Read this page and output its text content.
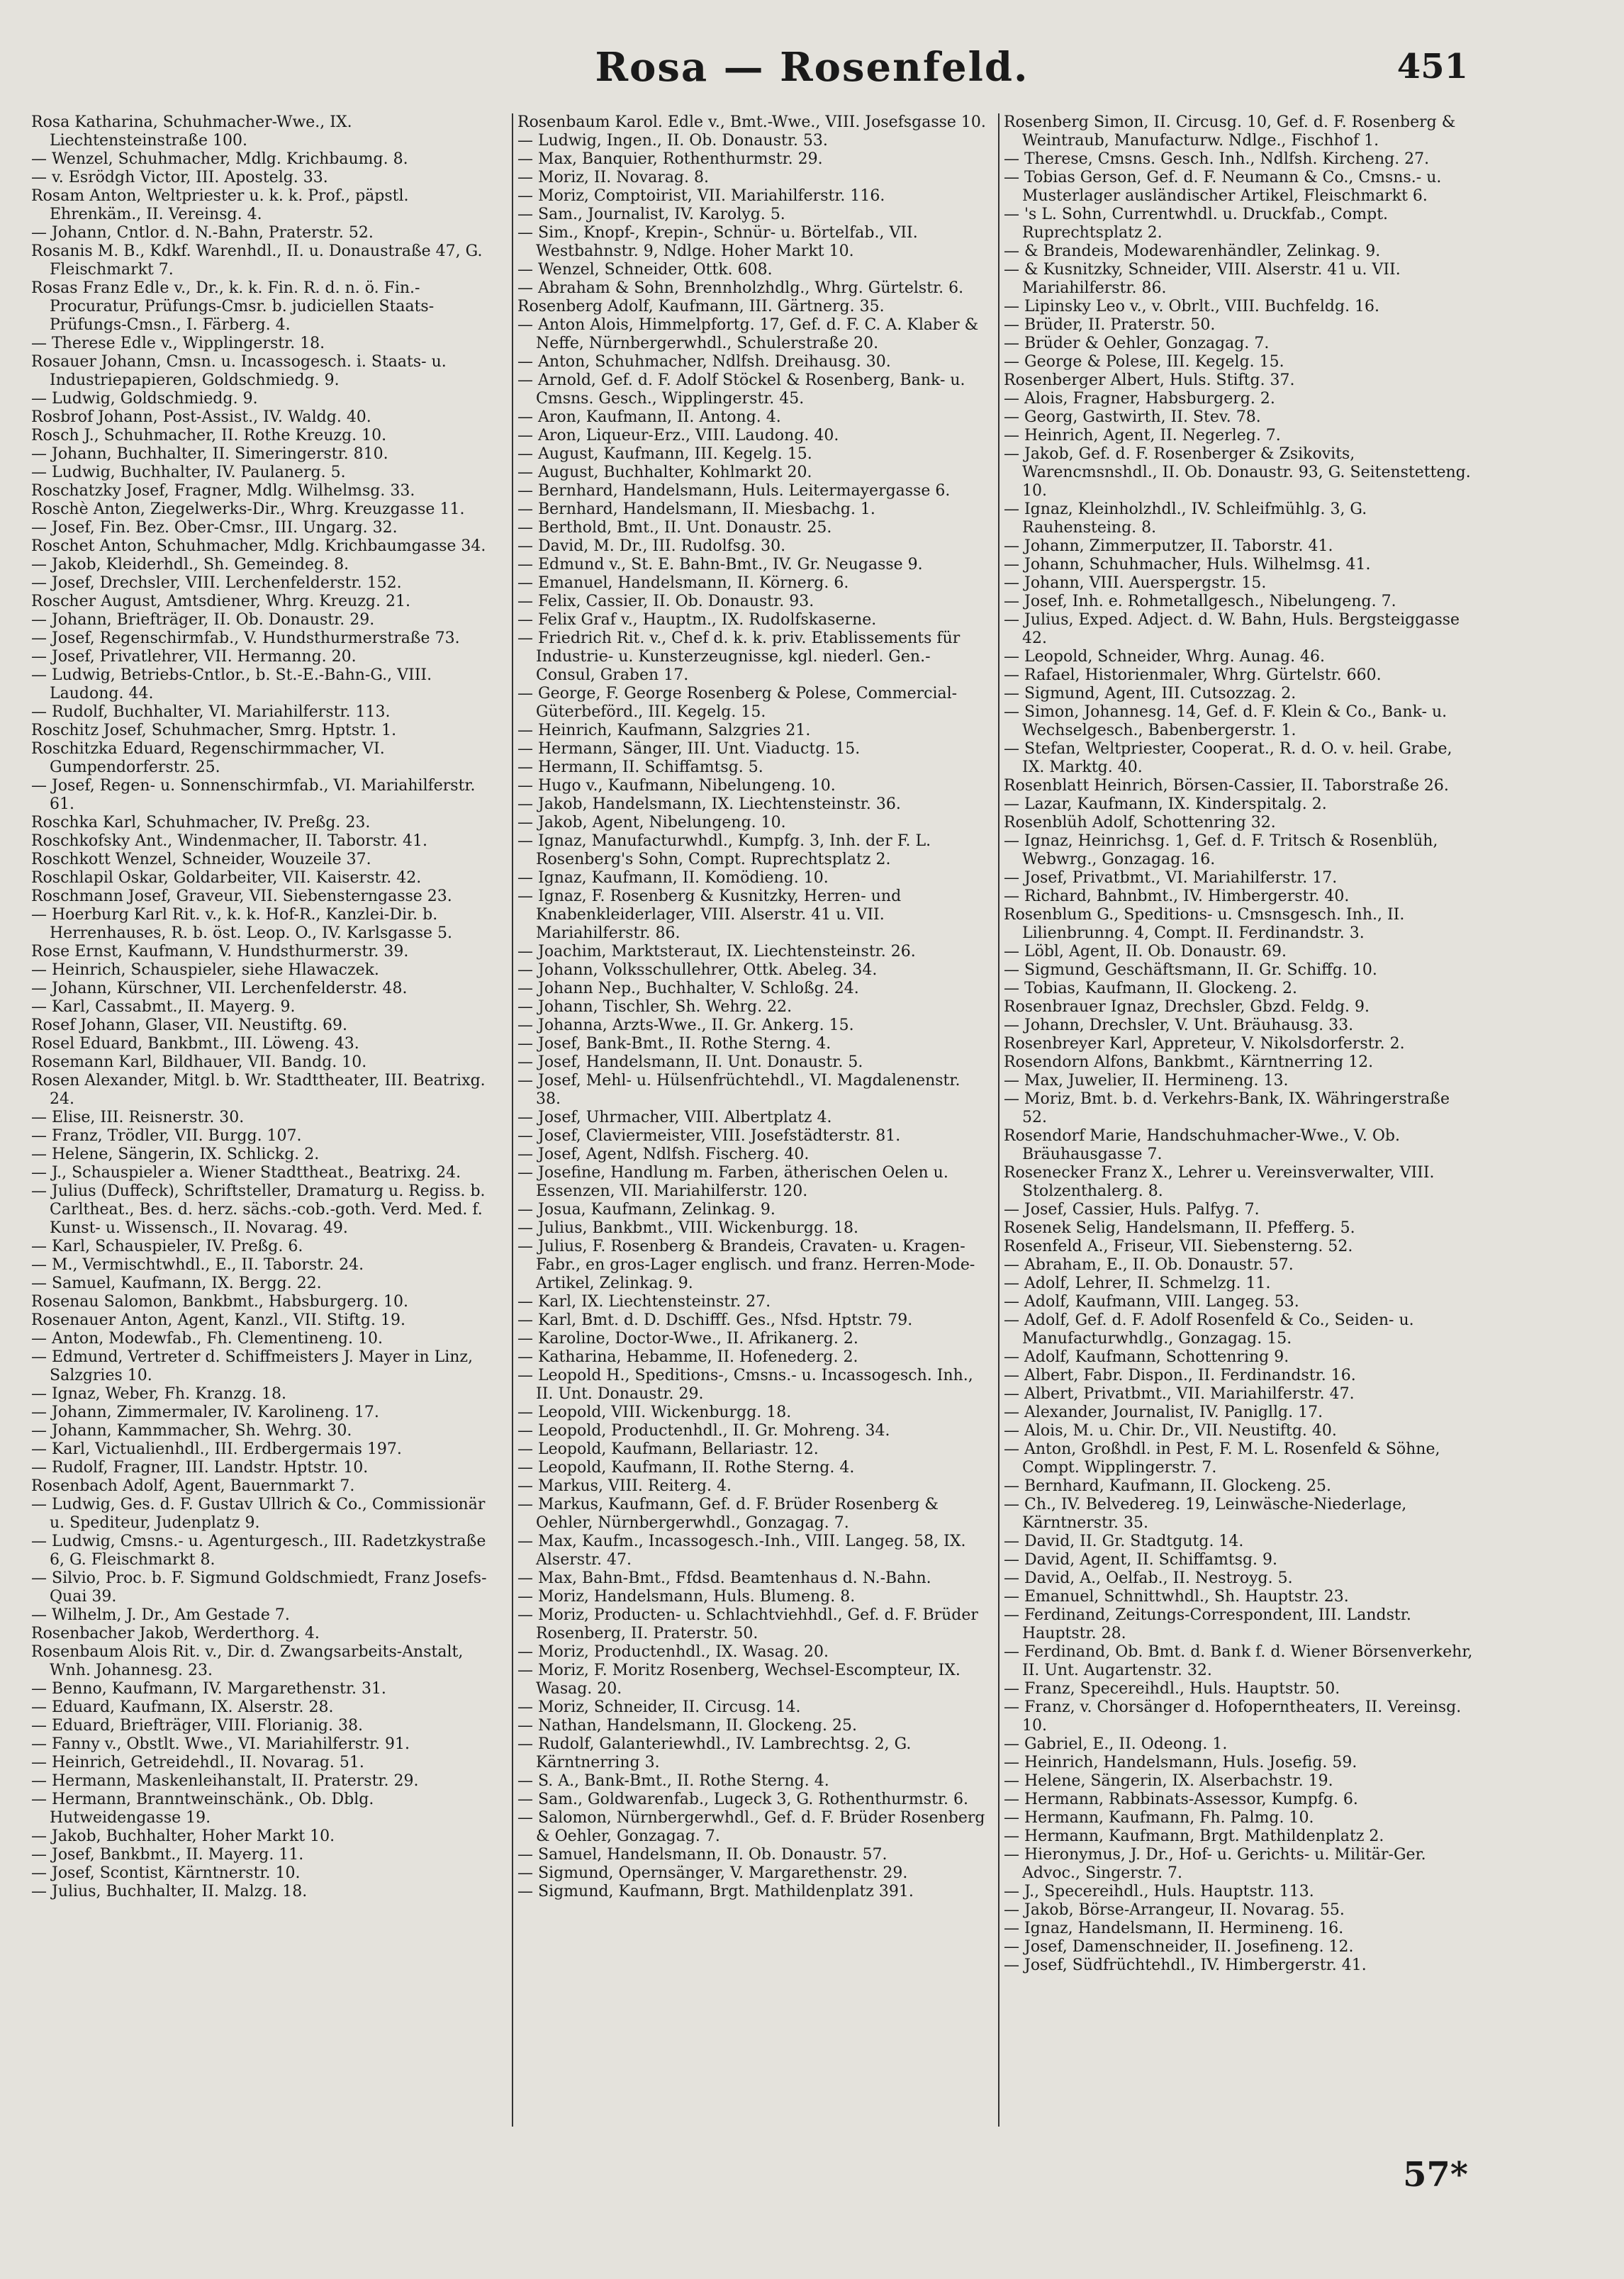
Rosa — Rosenfeld.	451

Rosa Katharina, Schuhmacher-Wwe., IX. Liechtensteinstraße 100.

— Wenzel, Schuhmacher, Mdlg. Krichbaumg. 8.

— v. Esrödgh Victor, III. Apostelg. 33.

Rosam Anton, Weltpriester u. k. k. Prof., päpstl. Ehrenkäm., II. Vereinsg. 4.

— Johann, Cntlor. d. N.-Bahn, Praterstr. 52.

Rosanis M. B., Kdkf. Warenhdl., II. u. Donaustraße 47, G. Fleischmarkt 7.

Rosas Franz Edle v., Dr., k. k. Fin. R. d. n. ö. Fin.-Procuratur, Prüfungs-Cmsr. b. judiciellen Staats-Prüfungs-Cmsn., I. Färberg. 4.

— Therese Edle v., Wipplingerstr. 18.

Rosauer Johann, Cmsn. u. Incassogesch. i. Staats- u. Industriepapieren, Goldschmiedg. 9.

— Ludwig, Goldschmiedg. 9.

Rosbrof Johann, Post-Assist., IV. Waldg. 40.

Rosch J., Schuhmacher, II. Rothe Kreuzg. 10.

— Johann, Buchhalter, II. Simeringerstr. 810.

— Ludwig, Buchhalter, IV. Paulanerg. 5.

Roschatzky Josef, Fragner, Mdlg. Wilhelmsg. 33.

Roschè Anton, Ziegelwerks-Dir., Whrg. Kreuzgasse 11.

— Josef, Fin. Bez. Ober-Cmsr., III. Ungarg. 32.

Roschet Anton, Schuhmacher, Mdlg. Krichbaumgasse 34.

— Jakob, Kleiderhdl., Sh. Gemeindeg. 8.

— Josef, Drechsler, VIII. Lerchenfelderstr. 152.

Roscher August, Amtsdiener, Whrg. Kreuzg. 21.

— Johann, Briefträger, II. Ob. Donaustr. 29.

— Josef, Regenschirmfab., V. Hundsthurmerstraße 73.

— Josef, Privatlehrer, VII. Hermanng. 20.

— Ludwig, Betriebs-Cntlor., b. St.-E.-Bahn-G., VIII. Laudong. 44.

— Rudolf, Buchhalter, VI. Mariahilferstr. 113.

Roschitz Josef, Schuhmacher, Smrg. Hptstr. 1.

Roschitzka Eduard, Regenschirmmacher, VI. Gumpendorferstr. 25.

— Josef, Regen- u. Sonnenschirmfab., VI. Mariahilferstr. 61.

Roschka Karl, Schuhmacher, IV. Preßg. 23.

Roschkofsky Ant., Windenmacher, II. Taborstr. 41.

Roschkott Wenzel, Schneider, Wouzeile 37.

Roschlapil Oskar, Goldarbeiter, VII. Kaiserstr. 42.

Roschmann Josef, Graveur, VII. Siebensterngasse 23.

— Hoerburg Karl Rit. v., k. k. Hof-R., Kanzlei-Dir. b. Herrenhauses, R. b. öst. Leop. O., IV. Karlsgasse 5.

Rose Ernst, Kaufmann, V. Hundsthurmerstr. 39.

— Heinrich, Schauspieler, siehe Hlawaczek.

— Johann, Kürschner, VII. Lerchenfelderstr. 48.

— Karl, Cassabmt., II. Mayerg. 9.

Rosef Johann, Glaser, VII. Neustiftg. 69.

Rosel Eduard, Bankbmt., III. Löweng. 43.

Rosemann Karl, Bildhauer, VII. Bandg. 10.

Rosen Alexander, Mitgl. b. Wr. Stadttheater, III. Beatrixg. 24.

— Elise, III. Reisnerstr. 30.

— Franz, Trödler, VII. Burgg. 107.

— Helene, Sängerin, IX. Schlickg. 2.

— J., Schauspieler a. Wiener Stadttheat., Beatrixg. 24.

— Julius (Duffeck), Schriftsteller, Dramaturg u. Regiss. b. Carltheat., Bes. d. herz. sächs.-cob.-goth. Verd. Med. f. Kunst- u. Wissensch., II. Novarag. 49.

— Karl, Schauspieler, IV. Preßg. 6.

— M., Vermischtwhdl., E., II. Taborstr. 24.

— Samuel, Kaufmann, IX. Bergg. 22.

Rosenau Salomon, Bankbmt., Habsburgerg. 10.

Rosenauer Anton, Agent, Kanzl., VII. Stiftg. 19.

— Anton, Modewfab., Fh. Clementineng. 10.

— Edmund, Vertreter d. Schiffmeisters J. Mayer in Linz, Salzgries 10.

— Ignaz, Weber, Fh. Kranzg. 18.

— Johann, Zimmermaler, IV. Karolineng. 17.

— Johann, Kammmacher, Sh. Wehrg. 30.

— Karl, Victualienhdl., III. Erdbergermais 197.

— Rudolf, Fragner, III. Landstr. Hptstr. 10.

Rosenbach Adolf, Agent, Bauernmarkt 7.

— Ludwig, Ges. d. F. Gustav Ullrich & Co., Commissionär u. Spediteur, Judenplatz 9.

— Ludwig, Cmsns.- u. Agenturgesch., III. Radetzkystraße 6, G. Fleischmarkt 8.

— Silvio, Proc. b. F. Sigmund Goldschmiedt, Franz Josefs-Quai 39.

— Wilhelm, J. Dr., Am Gestade 7.

Rosenbacher Jakob, Werderthorg. 4.

Rosenbaum Alois Rit. v., Dir. d. Zwangsarbeits-Anstalt, Wnh. Johannesg. 23.

— Benno, Kaufmann, IV. Margarethenstr. 31.

— Eduard, Kaufmann, IX. Alserstr. 28.

— Eduard, Briefträger, VIII. Florianig. 38.

— Fanny v., Obstlt. Wwe., VI. Mariahilferstr. 91.

— Heinrich, Getreidehdl., II. Novarag. 51.

— Hermann, Maskenleihanstalt, II. Praterstr. 29.

— Hermann, Branntweinschänk., Ob. Dblg. Hutweidengasse 19.

— Jakob, Buchhalter, Hoher Markt 10.

— Josef, Bankbmt., II. Mayerg. 11.

— Josef, Scontist, Kärntnerstr. 10.

— Julius, Buchhalter, II. Malzg. 18.

Rosenbaum Karol. Edle v., Bmt.-Wwe., VIII. Josefsgasse 10.

— Ludwig, Ingen., II. Ob. Donaustr. 53.

— Max, Banquier, Rothenthurmstr. 29.

— Moriz, II. Novarag. 8.

— Moriz, Comptoirist, VII. Mariahilferstr. 116.

— Sam., Journalist, IV. Karolyg. 5.

— Sim., Knopf-, Krepin-, Schnür- u. Börtelfab., VII. Westbahnstr. 9, Ndlge. Hoher Markt 10.

— Wenzel, Schneider, Ottk. 608.

— Abraham & Sohn, Brennholzhdlg., Whrg. Gürtelstr. 6.

Rosenberg Adolf, Kaufmann, III. Gärtnerg. 35.

— Anton Alois, Himmelpfortg. 17, Gef. d. F. C. A. Klaber & Neffe, Nürnbergerwhdl., Schulerstraße 20.

— Anton, Schuhmacher, Ndlfsh. Dreihausg. 30.

— Arnold, Gef. d. F. Adolf Stöckel & Rosenberg, Bank- u. Cmsns. Gesch., Wipplingerstr. 45.

— Aron, Kaufmann, II. Antong. 4.

— Aron, Liqueur-Erz., VIII. Laudong. 40.

— August, Kaufmann, III. Kegelg. 15.

— August, Buchhalter, Kohlmarkt 20.

— Bernhard, Handelsmann, Huls. Leitermayergasse 6.

— Bernhard, Handelsmann, II. Miesbachg. 1.

— Berthold, Bmt., II. Unt. Donaustr. 25.

— David, M. Dr., III. Rudolfsg. 30.

— Edmund v., St. E. Bahn-Bmt., IV. Gr. Neugasse 9.

— Emanuel, Handelsmann, II. Körnerg. 6.

— Felix, Cassier, II. Ob. Donaustr. 93.

— Felix Graf v., Hauptm., IX. Rudolfskaserne.

— Friedrich Rit. v., Chef d. k. k. priv. Etablissements für Industrie- u. Kunsterzeugnisse, kgl. niederl. Gen.-Consul, Graben 17.

— George, F. George Rosenberg & Polese, Commercial-Güterbeförd., III. Kegelg. 15.

— Heinrich, Kaufmann, Salzgries 21.

— Hermann, Sänger, III. Unt. Viaductg. 15.

— Hermann, II. Schiffamtsg. 5.

— Hugo v., Kaufmann, Nibelungeng. 10.

— Jakob, Handelsmann, IX. Liechtensteinstr. 36.

— Jakob, Agent, Nibelungeng. 10.

— Ignaz, Manufacturwhdl., Kumpfg. 3, Inh. der F. L. Rosenberg's Sohn, Compt. Ruprechtsplatz 2.

— Ignaz, Kaufmann, II. Komödieng. 10.

— Ignaz, F. Rosenberg & Kusnitzky, Herren- und Knabenkleiderlager, VIII. Alserstr. 41 u. VII. Mariahilferstr. 86.

— Joachim, Marktsteraut, IX. Liechtensteinstr. 26.

— Johann, Volksschullehrer, Ottk. Abeleg. 34.

— Johann Nep., Buchhalter, V. Schloßg. 24.

— Johann, Tischler, Sh. Wehrg. 22.

— Johanna, Arzts-Wwe., II. Gr. Ankerg. 15.

— Josef, Bank-Bmt., II. Rothe Sterng. 4.

— Josef, Handelsmann, II. Unt. Donaustr. 5.

— Josef, Mehl- u. Hülsenfrüchtehdl., VI. Magdalenenstr. 38.

— Josef, Uhrmacher, VIII. Albertplatz 4.

— Josef, Claviermeister, VIII. Josefstädterstr. 81.

— Josef, Agent, Ndlfsh. Fischerg. 40.

— Josefine, Handlung m. Farben, ätherischen Oelen u. Essenzen, VII. Mariahilferstr. 120.

— Josua, Kaufmann, Zelinkag. 9.

— Julius, Bankbmt., VIII. Wickenburgg. 18.

— Julius, F. Rosenberg & Brandeis, Cravaten- u. Kragen-Fabr., en gros-Lager englisch. und franz. Herren-Mode-Artikel, Zelinkag. 9.

— Karl, IX. Liechtensteinstr. 27.

— Karl, Bmt. d. D. Dschifff. Ges., Nfsd. Hptstr. 79.

— Karoline, Doctor-Wwe., II. Afrikanerg. 2.

— Katharina, Hebamme, II. Hofenederg. 2.

— Leopold H., Speditions-, Cmsns.- u. Incassogesch. Inh., II. Unt. Donaustr. 29.

— Leopold, VIII. Wickenburgg. 18.

— Leopold, Productenhdl., II. Gr. Mohreng. 34.

— Leopold, Kaufmann, Bellariastr. 12.

— Leopold, Kaufmann, II. Rothe Sterng. 4.

— Markus, VIII. Reiterg. 4.

— Markus, Kaufmann, Gef. d. F. Brüder Rosenberg & Oehler, Nürnbergerwhdl., Gonzagag. 7.

— Max, Kaufm., Incassogesch.-Inh., VIII. Langeg. 58, IX. Alserstr. 47.

— Max, Bahn-Bmt., Ffdsd. Beamtenhaus d. N.-Bahn.

— Moriz, Handelsmann, Huls. Blumeng. 8.

— Moriz, Producten- u. Schlachtviehhdl., Gef. d. F. Brüder Rosenberg, II. Praterstr. 50.

— Moriz, Productenhdl., IX. Wasag. 20.

— Moriz, F. Moritz Rosenberg, Wechsel-Escompteur, IX. Wasag. 20.

— Moriz, Schneider, II. Circusg. 14.

— Nathan, Handelsmann, II. Glockeng. 25.

— Rudolf, Galanteriewhdl., IV. Lambrechtsg. 2, G. Kärntnerring 3.

— S. A., Bank-Bmt., II. Rothe Sterng. 4.

— Sam., Goldwarenfab., Lugeck 3, G. Rothenthurmstr. 6.

— Salomon, Nürnbergerwhdl., Gef. d. F. Brüder Rosenberg & Oehler, Gonzagag. 7.

— Samuel, Handelsmann, II. Ob. Donaustr. 57.

— Sigmund, Opernsänger, V. Margarethenstr. 29.

— Sigmund, Kaufmann, Brgt. Mathildenplatz 391.

Rosenberg Simon, II. Circusg. 10, Gef. d. F. Rosenberg & Weintraub, Manufacturw. Ndlge., Fischhof 1.

— Therese, Cmsns. Gesch. Inh., Ndlfsh. Kircheng. 27.

— Tobias Gerson, Gef. d. F. Neumann & Co., Cmsns.- u. Musterlager ausländischer Artikel, Fleischmarkt 6.

— 's L. Sohn, Currentwhdl. u. Druckfab., Compt. Ruprechtsplatz 2.

— & Brandeis, Modewarenhändler, Zelinkag. 9.

— & Kusnitzky, Schneider, VIII. Alserstr. 41 u. VII. Mariahilferstr. 86.

— Lipinsky Leo v., v. Obrlt., VIII. Buchfeldg. 16.

— Brüder, II. Praterstr. 50.

— Brüder & Oehler, Gonzagag. 7.

— George & Polese, III. Kegelg. 15.

Rosenberger Albert, Huls. Stiftg. 37.

— Alois, Fragner, Habsburgerg. 2.

— Georg, Gastwirth, II. Stev. 78.

— Heinrich, Agent, II. Negerleg. 7.

— Jakob, Gef. d. F. Rosenberger & Zsikovits, Warencmsnshdl., II. Ob. Donaustr. 93, G. Seitenstetteng. 10.

— Ignaz, Kleinholzhdl., IV. Schleifmühlg. 3, G. Rauhensteing. 8.

— Johann, Zimmerputzer, II. Taborstr. 41.

— Johann, Schuhmacher, Huls. Wilhelmsg. 41.

— Johann, VIII. Auerspergstr. 15.

— Josef, Inh. e. Rohmetallgesch., Nibelungeng. 7.

— Julius, Exped. Adject. d. W. Bahn, Huls. Bergsteiggasse 42.

— Leopold, Schneider, Whrg. Aunag. 46.

— Rafael, Historienmaler, Whrg. Gürtelstr. 660.

— Sigmund, Agent, III. Cutsozzag. 2.

— Simon, Johannesg. 14, Gef. d. F. Klein & Co., Bank- u. Wechselgesch., Babenbergerstr. 1.

— Stefan, Weltpriester, Cooperat., R. d. O. v. heil. Grabe, IX. Marktg. 40.

Rosenblatt Heinrich, Börsen-Cassier, II. Taborstraße 26.

— Lazar, Kaufmann, IX. Kinderspitalg. 2.

Rosenblüh Adolf, Schottenring 32.

— Ignaz, Heinrichsg. 1, Gef. d. F. Tritsch & Rosenblüh, Webwrg., Gonzagag. 16.

— Josef, Privatbmt., VI. Mariahilferstr. 17.

— Richard, Bahnbmt., IV. Himbergerstr. 40.

Rosenblum G., Speditions- u. Cmsnsgesch. Inh., II. Lilienbrunng. 4, Compt. II. Ferdinandstr. 3.

— Löbl, Agent, II. Ob. Donaustr. 69.

— Sigmund, Geschäftsmann, II. Gr. Schiffg. 10.

— Tobias, Kaufmann, II. Glockeng. 2.

Rosenbrauer Ignaz, Drechsler, Gbzd. Feldg. 9.

— Johann, Drechsler, V. Unt. Bräuhausg. 33.

Rosenbreyer Karl, Appreteur, V. Nikolsdorferstr. 2.

Rosendorn Alfons, Bankbmt., Kärntnerring 12.

— Max, Juwelier, II. Hermineng. 13.

— Moriz, Bmt. b. d. Verkehrs-Bank, IX. Währingerstraße 52.

Rosendorf Marie, Handschuhmacher-Wwe., V. Ob. Bräuhausgasse 7.

Rosenecker Franz X., Lehrer u. Vereinsverwalter, VIII. Stolzenthalerg. 8.

— Josef, Cassier, Huls. Palfyg. 7.

Rosenek Selig, Handelsmann, II. Pfefferg. 5.

Rosenfeld A., Friseur, VII. Siebensterng. 52.

— Abraham, E., II. Ob. Donaustr. 57.

— Adolf, Lehrer, II. Schmelzg. 11.

— Adolf, Kaufmann, VIII. Langeg. 53.

— Adolf, Gef. d. F. Adolf Rosenfeld & Co., Seiden- u. Manufacturwhdlg., Gonzagag. 15.

— Adolf, Kaufmann, Schottenring 9.

— Albert, Fabr. Dispon., II. Ferdinandstr. 16.

— Albert, Privatbmt., VII. Mariahilferstr. 47.

— Alexander, Journalist, IV. Panigllg. 17.

— Alois, M. u. Chir. Dr., VII. Neustiftg. 40.

— Anton, Großhdl. in Pest, F. M. L. Rosenfeld & Söhne, Compt. Wipplingerstr. 7.

— Bernhard, Kaufmann, II. Glockeng. 25.

— Ch., IV. Belvedereg. 19, Leinwäsche-Niederlage, Kärntnerstr. 35.

— David, II. Gr. Stadtgutg. 14.

— David, Agent, II. Schiffamtsg. 9.

— David, A., Oelfab., II. Nestroyg. 5.

— Emanuel, Schnittwhdl., Sh. Hauptstr. 23.

— Ferdinand, Zeitungs-Correspondent, III. Landstr. Hauptstr. 28.

— Ferdinand, Ob. Bmt. d. Bank f. d. Wiener Börsenverkehr, II. Unt. Augartenstr. 32.

— Franz, Specereihdl., Huls. Hauptstr. 50.

— Franz, v. Chorsänger d. Hofoperntheaters, II. Vereinsg. 10.

— Gabriel, E., II. Odeong. 1.

— Heinrich, Handelsmann, Huls. Josefig. 59.

— Helene, Sängerin, IX. Alserbachstr. 19.

— Hermann, Rabbinats-Assessor, Kumpfg. 6.

— Hermann, Kaufmann, Fh. Palmg. 10.

— Hermann, Kaufmann, Brgt. Mathildenplatz 2.

— Hieronymus, J. Dr., Hof- u. Gerichts- u. Militär-Ger. Advoc., Singerstr. 7.

— J., Specereihdl., Huls. Hauptstr. 113.

— Jakob, Börse-Arrangeur, II. Novarag. 55.

— Ignaz, Handelsmann, II. Hermineng. 16.

— Josef, Damenschneider, II. Josefineng. 12.

— Josef, Südfrüchtehdl., IV. Himbergerstr. 41.

57*
